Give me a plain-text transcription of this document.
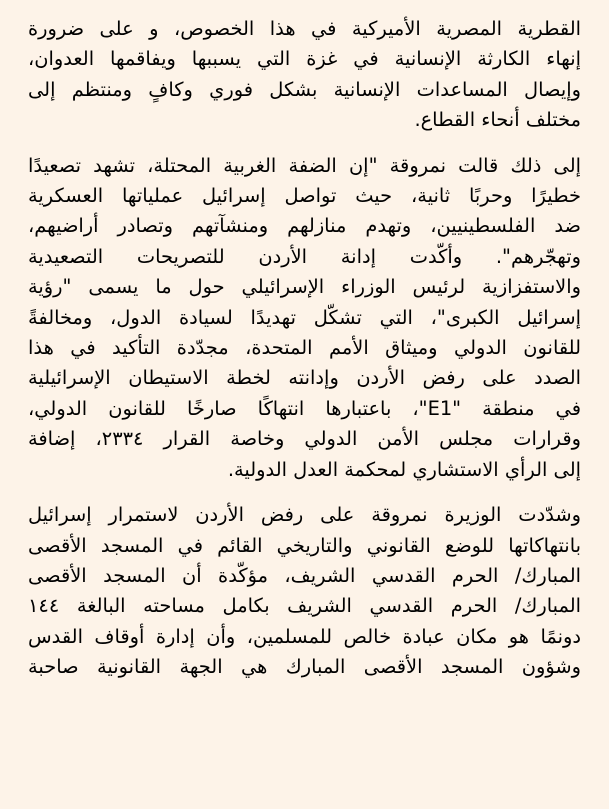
القطرية المصرية الأميركية في هذا الخصوص، و على ضرورة
إنهاء الكارثة الإنسانية في غزة التي يسببها ويفاقمها العدوان،
وإيصال المساعدات الإنسانية بشكل فوري وكافٍ ومنتظم إلى
مختلف أنحاء القطاع.
إلى ذلك قالت نمروقة "إن الضفة الغربية المحتلة، تشهد تصعيدًا
خطيرًا وحربًا ثانية، حيث تواصل إسرائيل عملياتها العسكرية
ضد الفلسطينيين، وتهدم منازلهم ومنشآتهم وتصادر أراضيهم،
وتهجّرهم". وأكّدت إدانة الأردن للتصريحات التصعيدية
والاستفزازية لرئيس الوزراء الإسرائيلي حول ما يسمى "رؤية
إسرائيل الكبرى"، التي تشكّل تهديدًا لسيادة الدول، ومخالفةً
للقانون الدولي وميثاق الأمم المتحدة، مجدّدة التأكيد في هذا
الصدد على رفض الأردن وإدانته لخطة الاستيطان الإسرائيلية
في منطقة "E1"، باعتبارها انتهاكًا صارخًا للقانون الدولي،
وقرارات مجلس الأمن الدولي وخاصة القرار ٢٣٣٤، إضافة
إلى الرأي الاستشاري لمحكمة العدل الدولية.
وشدّدت الوزيرة نمروقة على رفض الأردن لاستمرار إسرائيل
بانتهاكاتها للوضع القانوني والتاريخي القائم في المسجد الأقصى
المبارك/ الحرم القدسي الشريف، مؤكّدة أن المسجد الأقصى
المبارك/ الحرم القدسي الشريف بكامل مساحته البالغة ١٤٤
دونمًا هو مكان عبادة خالص للمسلمين، وأن إدارة أوقاف القدس
وشؤون المسجد الأقصى المبارك هي الجهة القانونية صاحبة
